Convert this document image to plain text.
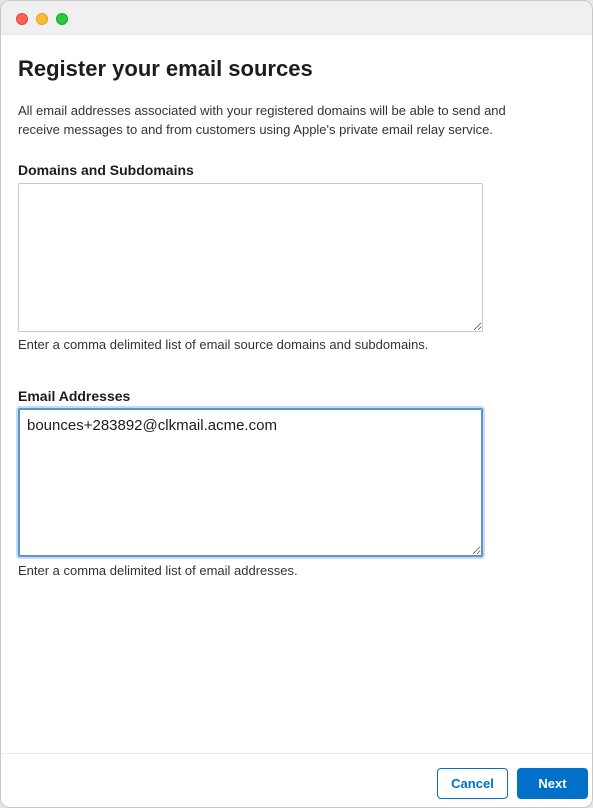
Register your email sources

All email addresses associated with your registered domains will be able to send and receive messages to and from customers using Apple's private email relay service.

Domains and Subdomains
Enter a comma delimited list of email source domains and subdomains.
Email Addresses
bounces+283892@clkmail.acme.com
Enter a comma delimited list of email addresses.
Cancel	Next
